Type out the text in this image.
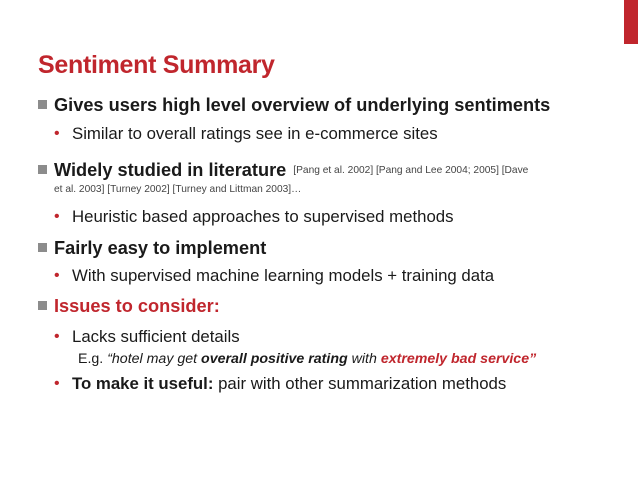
Sentiment Summary
Gives users high level overview of underlying sentiments
• Similar to overall ratings see in e-commerce sites
Widely studied in literature [Pang et al. 2002] [Pang and Lee 2004; 2005] [Dave
et al. 2003] [Turney 2002] [Turney and Littman 2003]…
• Heuristic based approaches to supervised methods
Fairly easy to implement
• With supervised machine learning models + training data
Issues to consider:
• Lacks sufficient details
E.g. “hotel may get overall positive rating with extremely bad service”
• To make it useful: pair with other summarization methods
